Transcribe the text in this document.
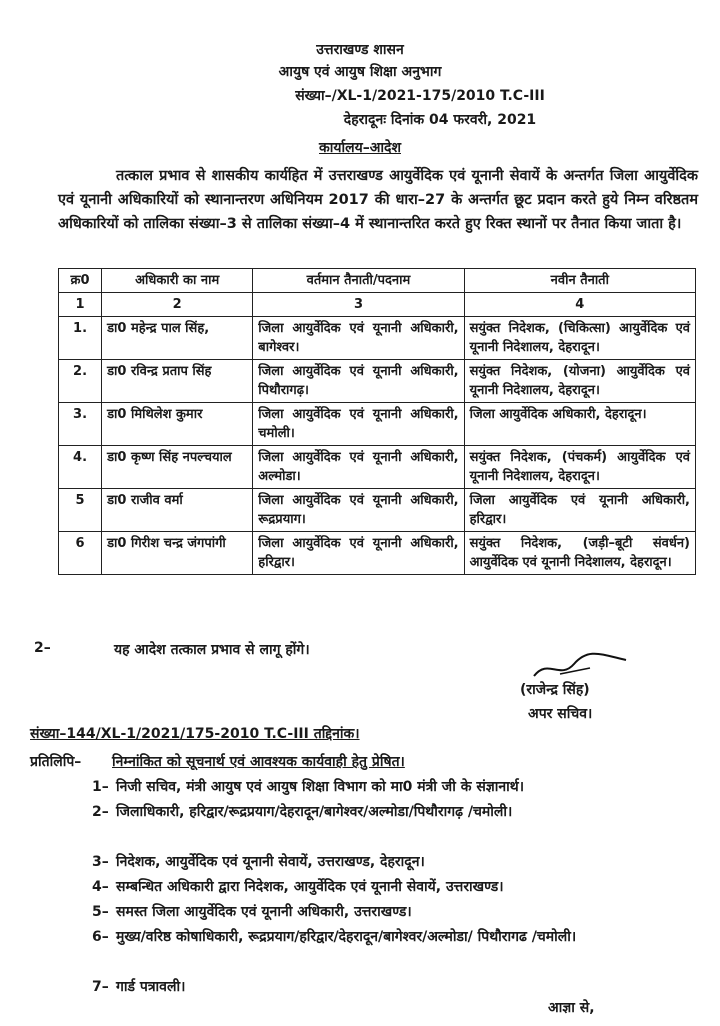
उत्तराखण्ड शासन
आयुष एवं आयुष शिक्षा अनुभाग
संख्या–/XL-1/2021-175/2010 T.C-III
देहरादूनः दिनांक 04 फरवरी, 2021
कार्यालय–आदेश
तत्काल प्रभाव से शासकीय कार्यहित में उत्तराखण्ड आयुर्वेदिक एवं यूनानी सेवायें के अन्तर्गत जिला आयुर्वेदिक एवं यूनानी अधिकारियों को स्थानान्तरण अधिनियम 2017 की धारा–27 के अन्तर्गत छूट प्रदान करते हुये निम्न वरिष्ठतम अधिकारियों को तालिका संख्या–3 से तालिका संख्या–4 में स्थानान्तरित करते हुए रिक्त स्थानों पर तैनात किया जाता है।
क्र0	अधिकारी का नाम	वर्तमान तैनाती/पदनाम	नवीन तैनाती
1	2	3	4
1.	डा0 महेन्द्र पाल सिंह,	जिला आयुर्वेदिक एवं यूनानी अधिकारी, बागेश्वर।	सयुंक्त निदेशक, (चिकित्सा) आयुर्वेदिक एवं यूनानी निदेशालय, देहरादून।
2.	डा0 रविन्द्र प्रताप सिंह	जिला आयुर्वेदिक एवं यूनानी अधिकारी, पिथौरागढ़।	सयुंक्त निदेशक, (योजना) आयुर्वेदिक एवं यूनानी निदेशालय, देहरादून।
3.	डा0 मिथिलेश कुमार	जिला आयुर्वेदिक एवं यूनानी अधिकारी, चमोली।	जिला आयुर्वेदिक अधिकारी, देहरादून।
4.	डा0 कृष्ण सिंह नपल्चयाल	जिला आयुर्वेदिक एवं यूनानी अधिकारी, अल्मोडा।	सयुंक्त निदेशक, (पंचकर्म) आयुर्वेदिक एवं यूनानी निदेशालय, देहरादून।
5	डा0 राजीव वर्मा	जिला आयुर्वेदिक एवं यूनानी अधिकारी, रूद्रप्रयाग।	जिला आयुर्वेदिक एवं यूनानी अधिकारी, हरिद्वार।
6	डा0 गिरीश चन्द्र जंगपांगी	जिला आयुर्वेदिक एवं यूनानी अधिकारी, हरिद्वार।	सयुंक्त निदेशक, (जड़ी–बूटी संवर्धन) आयुर्वेदिक एवं यूनानी निदेशालय, देहरादून।
2–	यह आदेश तत्काल प्रभाव से लागू होंगे।
(राजेन्द्र सिंह)
अपर सचिव।
संख्या–144/XL-1/2021/175-2010 T.C-III तद्दिनांक।
प्रतिलिपि– निम्नांकित को सूचनार्थ एवं आवश्यक कार्यवाही हेतु प्रेषित।
1– निजी सचिव, मंत्री आयुष एवं आयुष शिक्षा विभाग को मा0 मंत्री जी के संज्ञानार्थ।
2– जिलाधिकारी, हरिद्वार/रूद्रप्रयाग/देहरादून/बागेश्वर/अल्मोडा/पिथौरागढ़ /चमोली।
3– निदेशक, आयुर्वेदिक एवं यूनानी सेवायें, उत्तराखण्ड, देहरादून।
4– सम्बन्धित अधिकारी द्वारा निदेशक, आयुर्वेदिक एवं यूनानी सेवायें, उत्तराखण्ड।
5– समस्त जिला आयुर्वेदिक एवं यूनानी अधिकारी, उत्तराखण्ड।
6– मुख्य/वरिष्ठ कोषाधिकारी, रूद्रप्रयाग/हरिद्वार/देहरादून/बागेश्वर/अल्मोडा/ पिथौरागढ /चमोली।
7– गार्ड पत्रावली।
आज्ञा से,
